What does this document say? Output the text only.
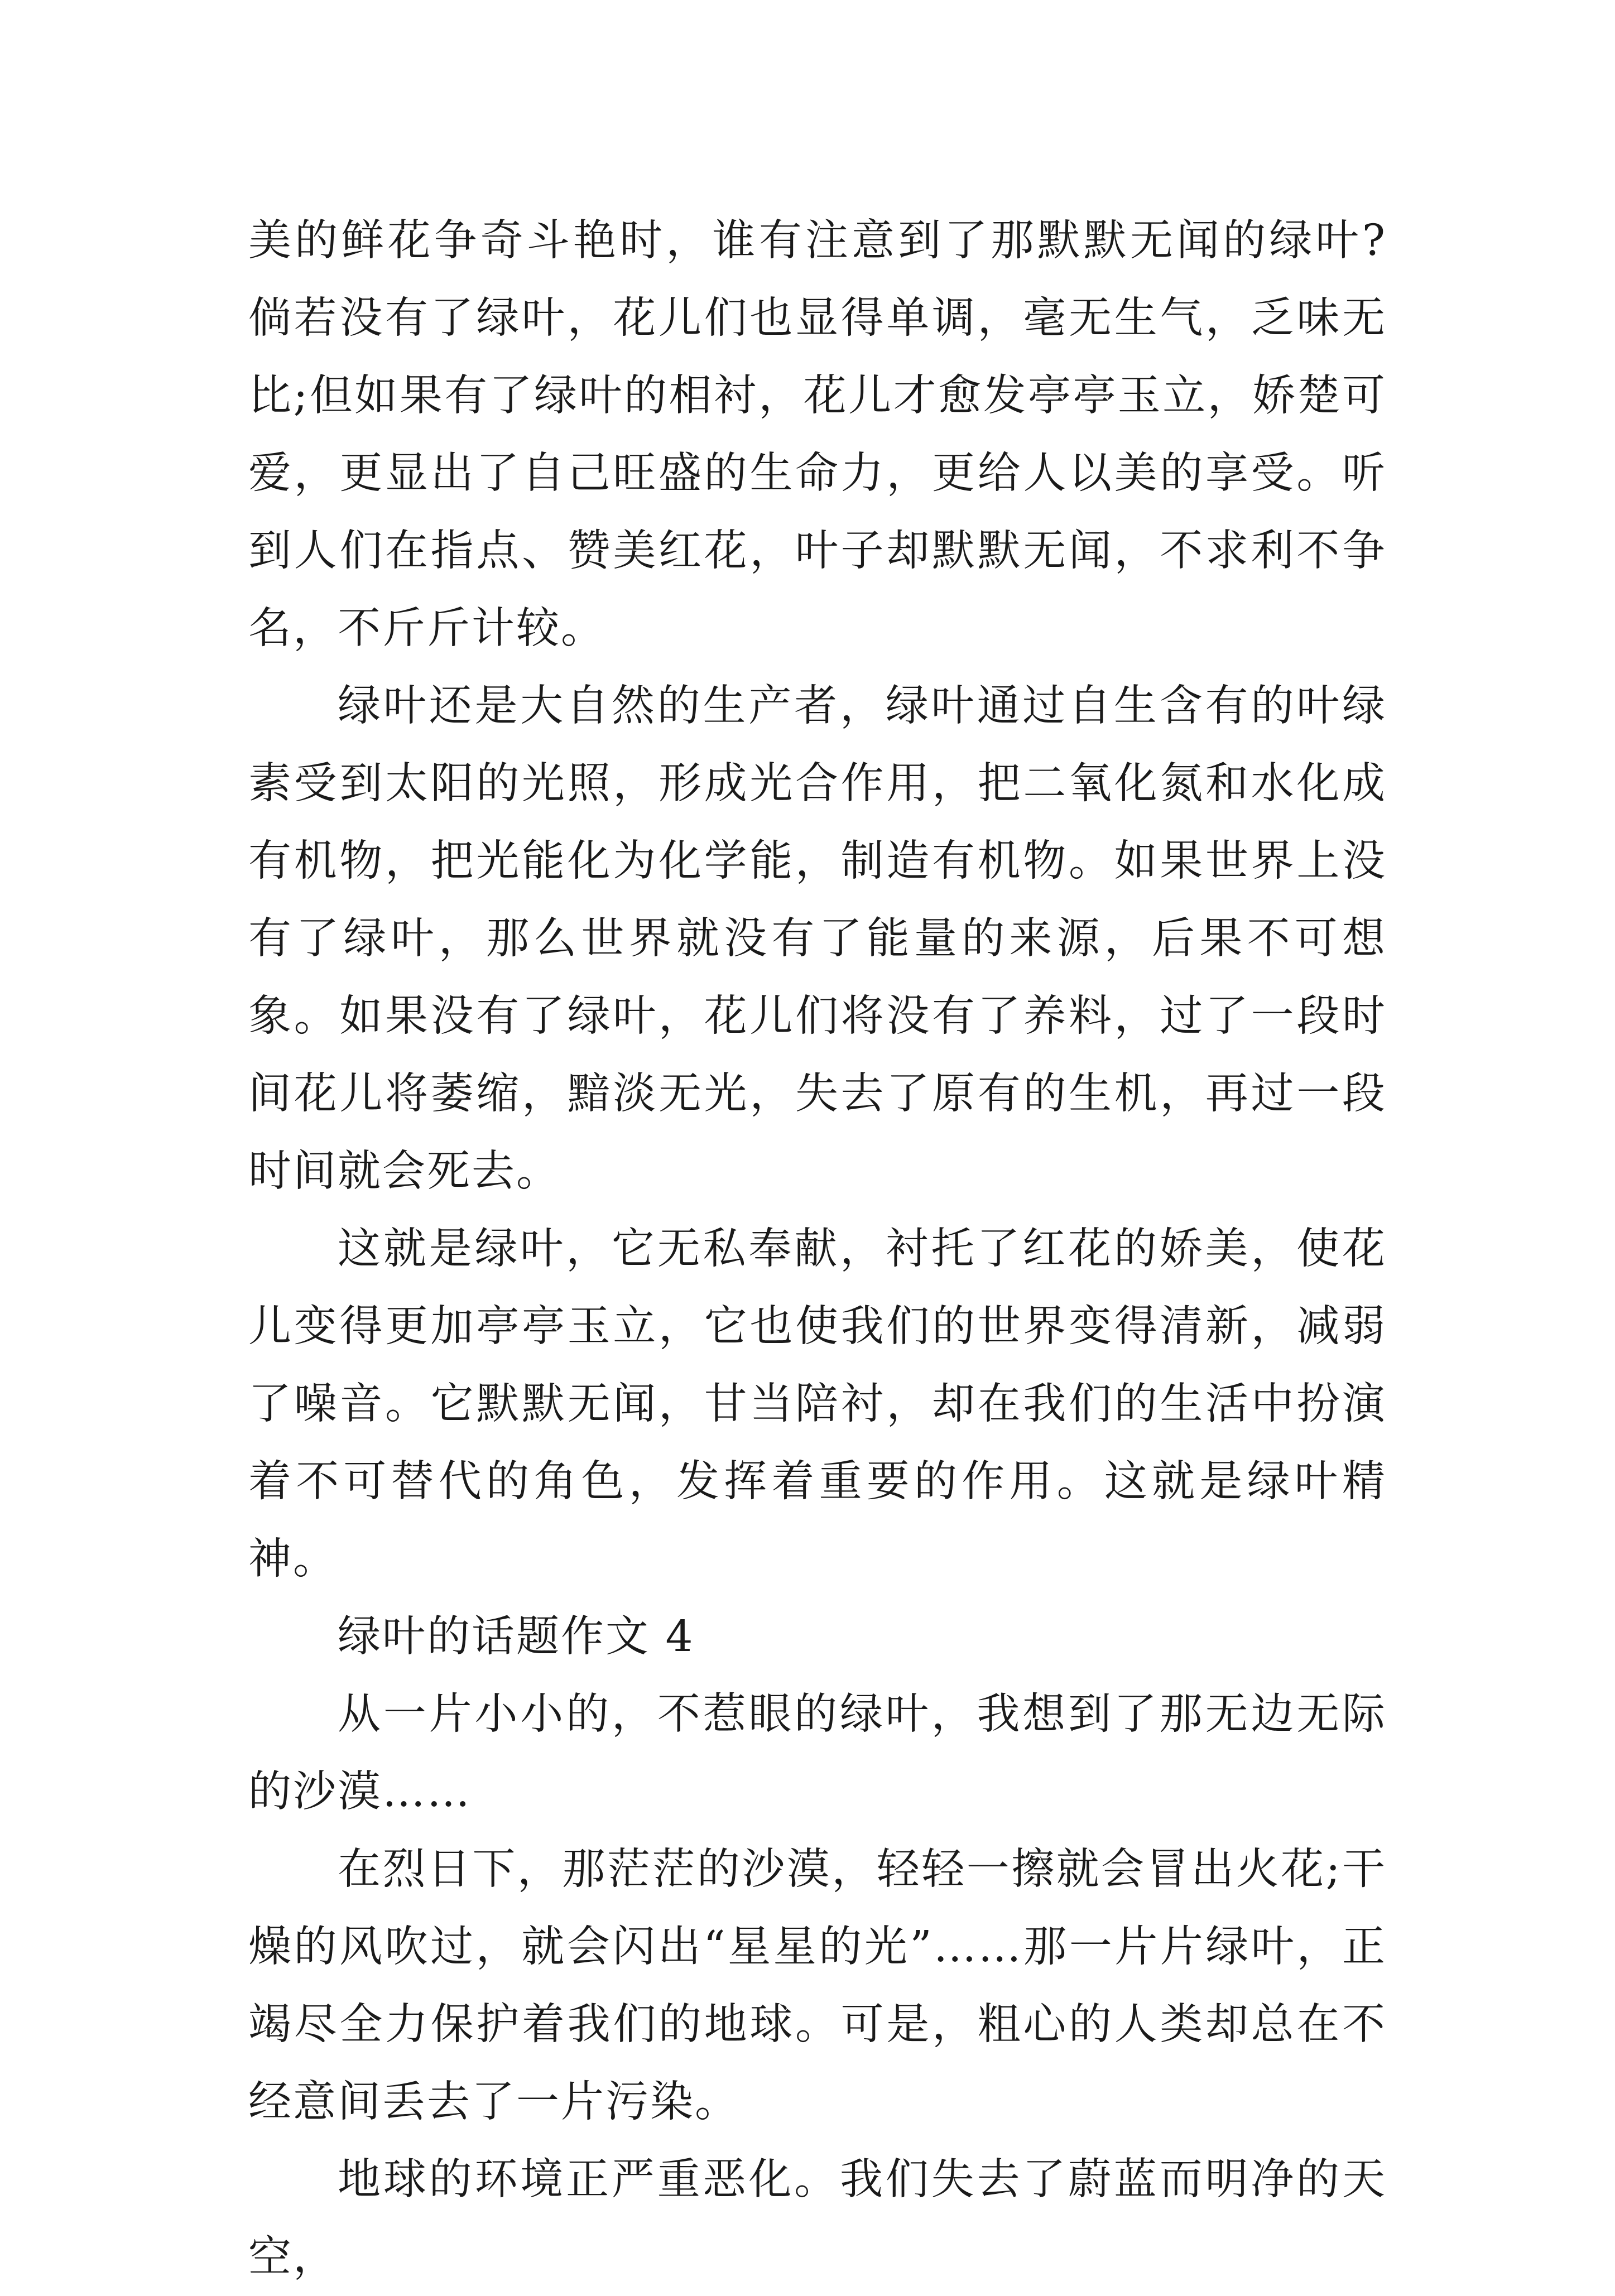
美的鲜花争奇斗艳时，谁有注意到了那默默无闻的绿叶?倘若没有了绿叶，花儿们也显得单调，毫无生气，乏味无比;但如果有了绿叶的相衬，花儿才愈发亭亭玉立，娇楚可爱，更显出了自己旺盛的生命力，更给人以美的享受。听到人们在指点、赞美红花，叶子却默默无闻，不求利不争名，不斤斤计较。

绿叶还是大自然的生产者，绿叶通过自生含有的叶绿素受到太阳的光照，形成光合作用，把二氧化氮和水化成有机物，把光能化为化学能，制造有机物。如果世界上没有了绿叶，那么世界就没有了能量的来源，后果不可想象。如果没有了绿叶，花儿们将没有了养料，过了一段时间花儿将萎缩，黯淡无光，失去了原有的生机，再过一段时间就会死去。

这就是绿叶，它无私奉献，衬托了红花的娇美，使花儿变得更加亭亭玉立，它也使我们的世界变得清新，减弱了噪音。它默默无闻，甘当陪衬，却在我们的生活中扮演着不可替代的角色，发挥着重要的作用。这就是绿叶精神。

绿叶的话题作文 4

从一片小小的，不惹眼的绿叶，我想到了那无边无际的沙漠……

在烈日下，那茫茫的沙漠，轻轻一擦就会冒出火花;干燥的风吹过，就会闪出“星星的光”……那一片片绿叶，正竭尽全力保护着我们的地球。可是，粗心的人类却总在不经意间丢去了一片污染。

地球的环境正严重恶化。我们失去了蔚蓝而明净的天空，
